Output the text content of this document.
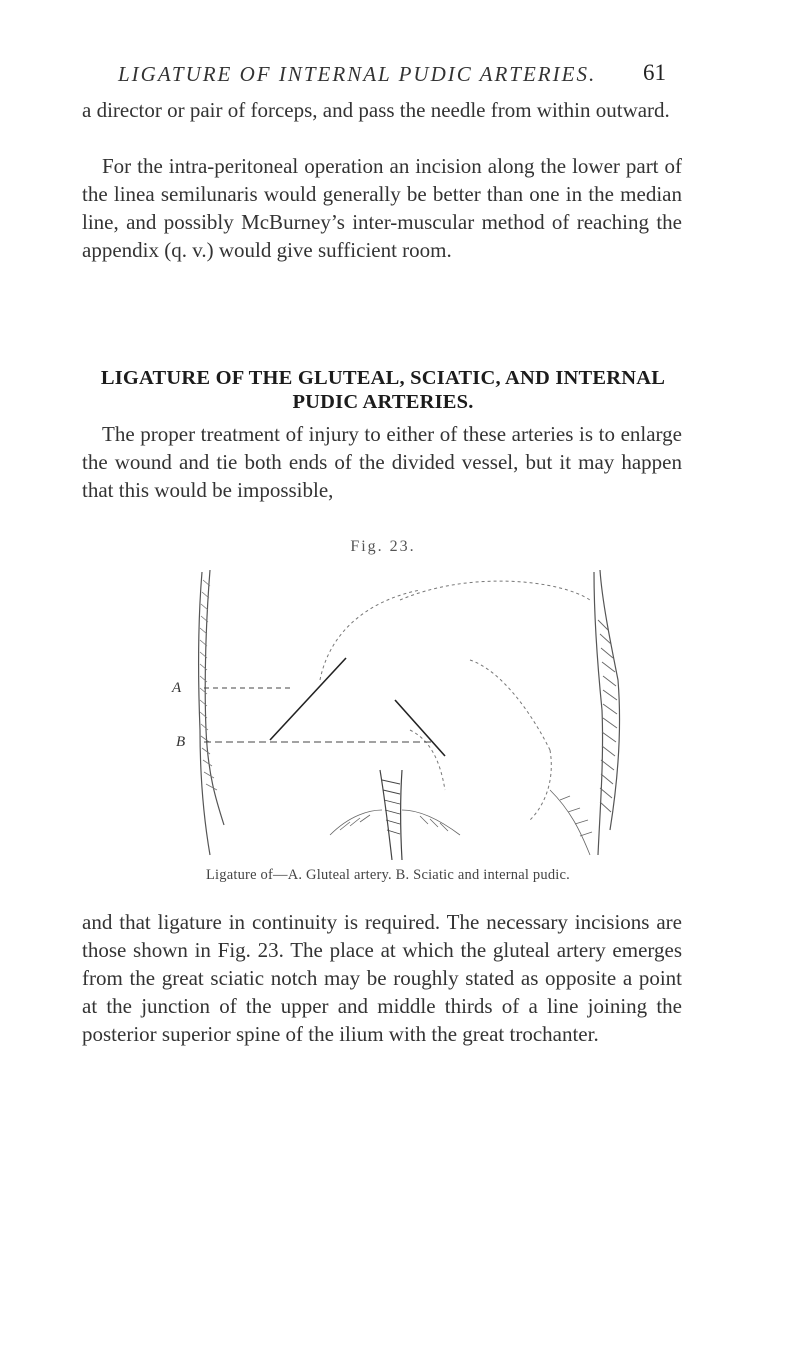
LIGATURE OF INTERNAL PUDIC ARTERIES.	61

a director or pair of forceps, and pass the needle from within outward.

For the intra-peritoneal operation an incision along the lower part of the linea semilunaris would generally be better than one in the median line, and possibly McBurney’s inter-muscular method of reaching the appendix (q. v.) would give sufficient room.

LIGATURE OF THE GLUTEAL, SCIATIC, AND INTERNAL PUDIC ARTERIES.

The proper treatment of injury to either of these arteries is to enlarge the wound and tie both ends of the divided vessel, but it may happen that this would be impossible,

Fig. 23.
A
B
Ligature of—A. Gluteal artery. B. Sciatic and internal pudic.

and that ligature in continuity is required. The necessary incisions are those shown in Fig. 23. The place at which the gluteal artery emerges from the great sciatic notch may be roughly stated as opposite a point at the junction of the upper and middle thirds of a line joining the posterior superior spine of the ilium with the great trochanter.
